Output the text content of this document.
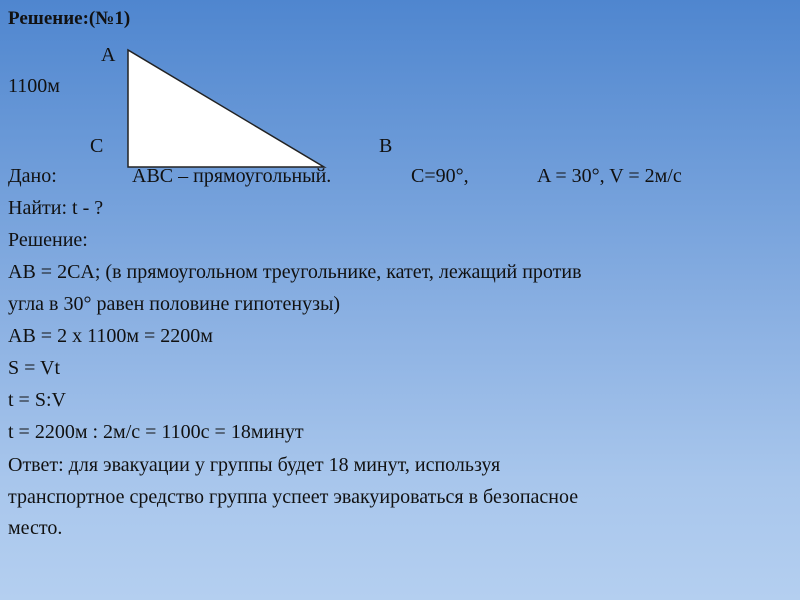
Решение:(№1)
A
1100м
C	B
Дано:	ABC – прямоугольный.	C=90°,	A = 30°, V = 2м/с
Найти: t - ?
Решение:
AB = 2CA; (в прямоугольном треугольнике, катет, лежащий против
угла в 30° равен половине гипотенузы)
AB = 2 х 1100м = 2200м
S = Vt
t = S:V
t = 2200м : 2м/с = 1100с = 18минут
Ответ: для эвакуации у группы будет 18 минут, используя
транспортное средство группа успеет эвакуироваться в безопасное
место.
